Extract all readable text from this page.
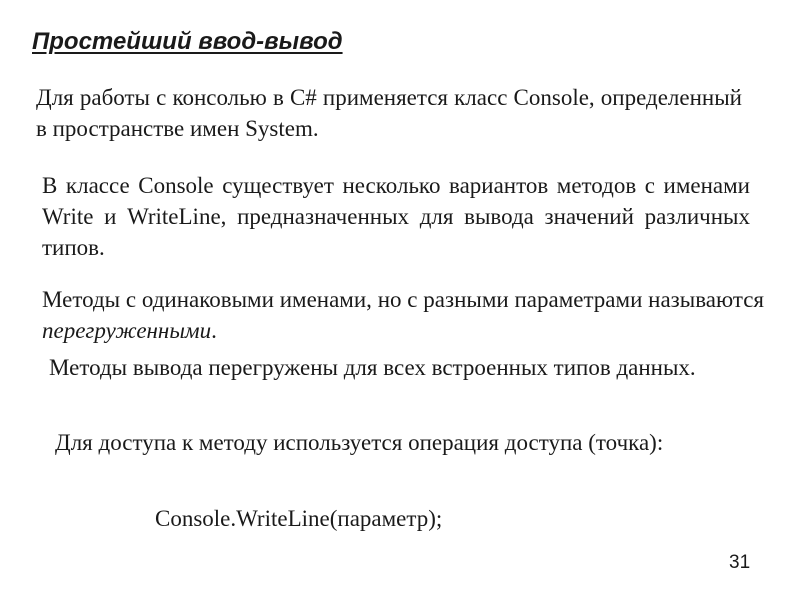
Простейший ввод-вывод

Для работы с консолью в C# применяется класс Console, определенный в пространстве имен System.

В классе Console существует несколько вариантов методов с именами Write и WriteLine, предназначенных для вывода значений различных типов.

Методы с одинаковыми именами, но с разными параметрами называются перегруженными.

Методы вывода перегружены для всех встроенных типов данных.

Для доступа к методу используется операция доступа (точка):

Console.WriteLine(параметр);

31
